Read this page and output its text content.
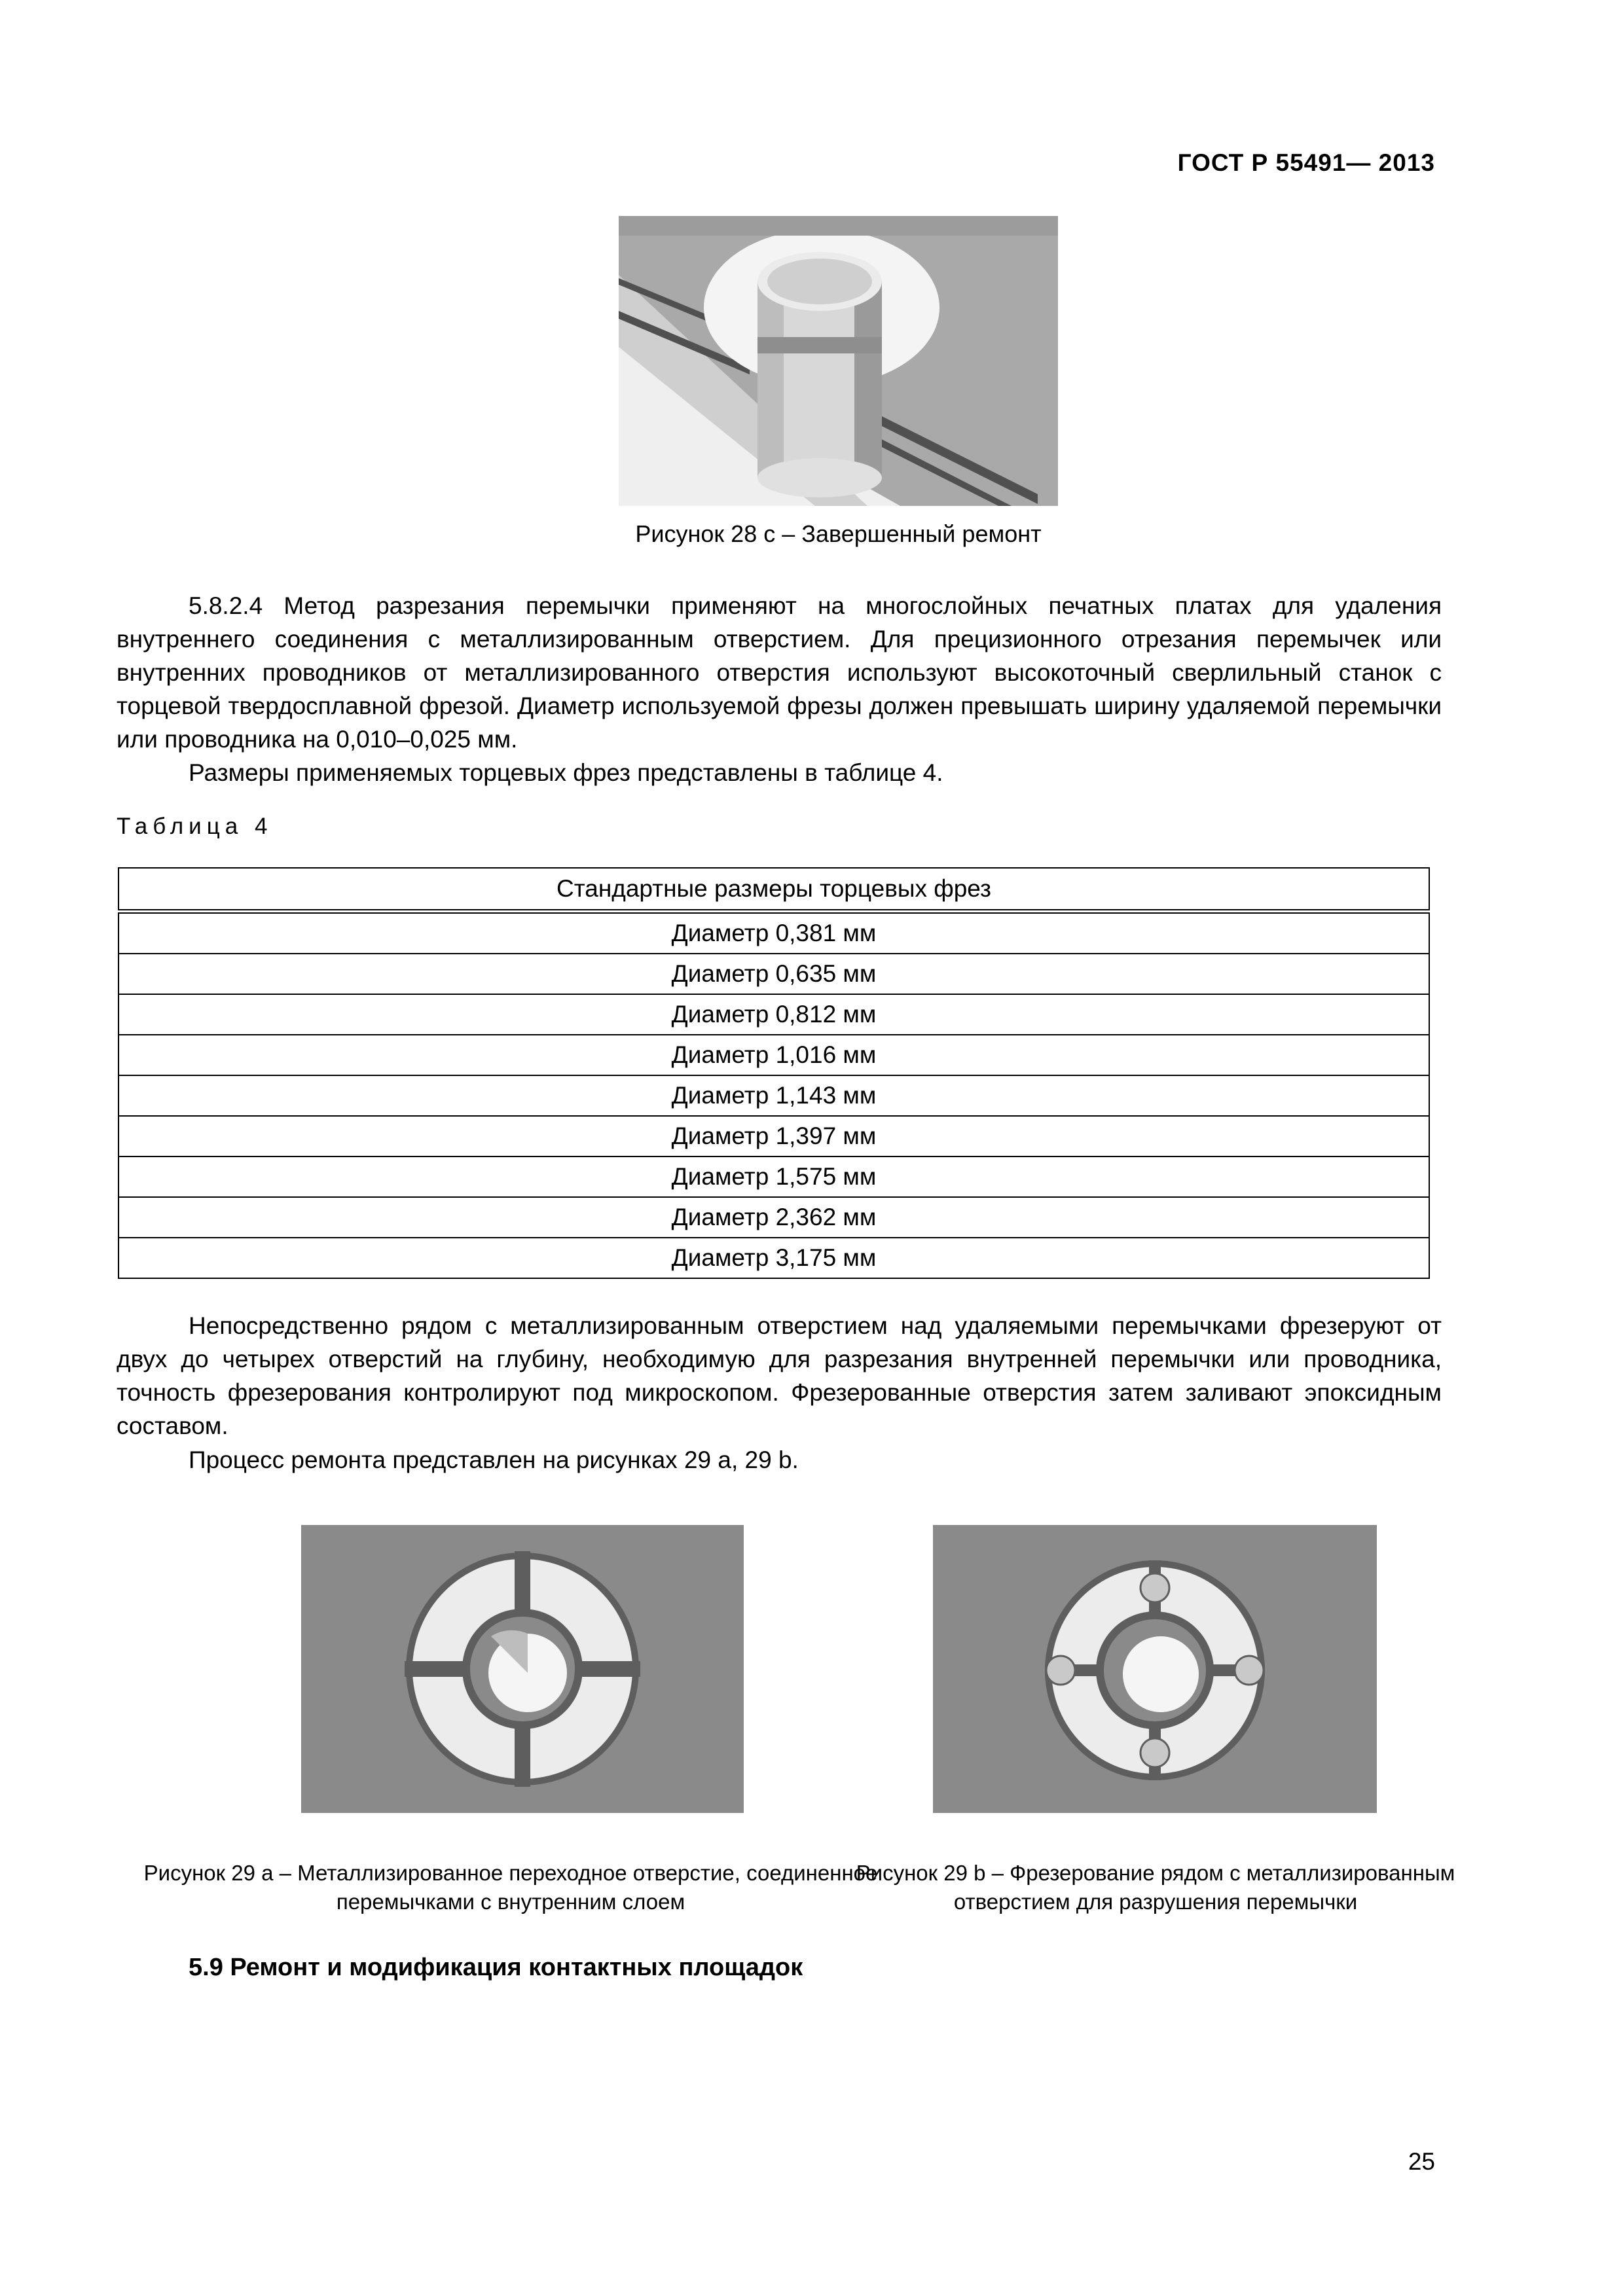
ГОСТ Р 55491— 2013
Рисунок 28 с – Завершенный ремонт
5.8.2.4 Метод разрезания перемычки применяют на многослойных печатных платах для удаления внутреннего соединения с металлизированным отверстием. Для прецизионного отрезания перемычек или внутренних проводников от металлизированного отверстия используют высокоточный сверлильный станок с торцевой твердосплавной фрезой. Диаметр используемой фрезы должен превышать ширину удаляемой перемычки или проводника на 0,010–0,025 мм.
Размеры применяемых торцевых фрез представлены в таблице 4.
Таблица 4
Стандартные размеры торцевых фрез
Диаметр 0,381 мм
Диаметр 0,635 мм
Диаметр 0,812 мм
Диаметр 1,016 мм
Диаметр 1,143 мм
Диаметр 1,397 мм
Диаметр 1,575 мм
Диаметр 2,362 мм
Диаметр 3,175 мм
Непосредственно рядом с металлизированным отверстием над удаляемыми перемычками фрезеруют от двух до четырех отверстий на глубину, необходимую для разрезания внутренней перемычки или проводника, точность фрезерования контролируют под микроскопом. Фрезерованные отверстия затем заливают эпоксидным составом.
Процесс ремонта представлен на рисунках 29 а, 29 b.
Рисунок 29 а – Металлизированное переходное отверстие, соединенное перемычками с внутренним слоем
Рисунок 29 b – Фрезерование рядом с металлизированным отверстием для разрушения перемычки
5.9 Ремонт и модификация контактных площадок
25
